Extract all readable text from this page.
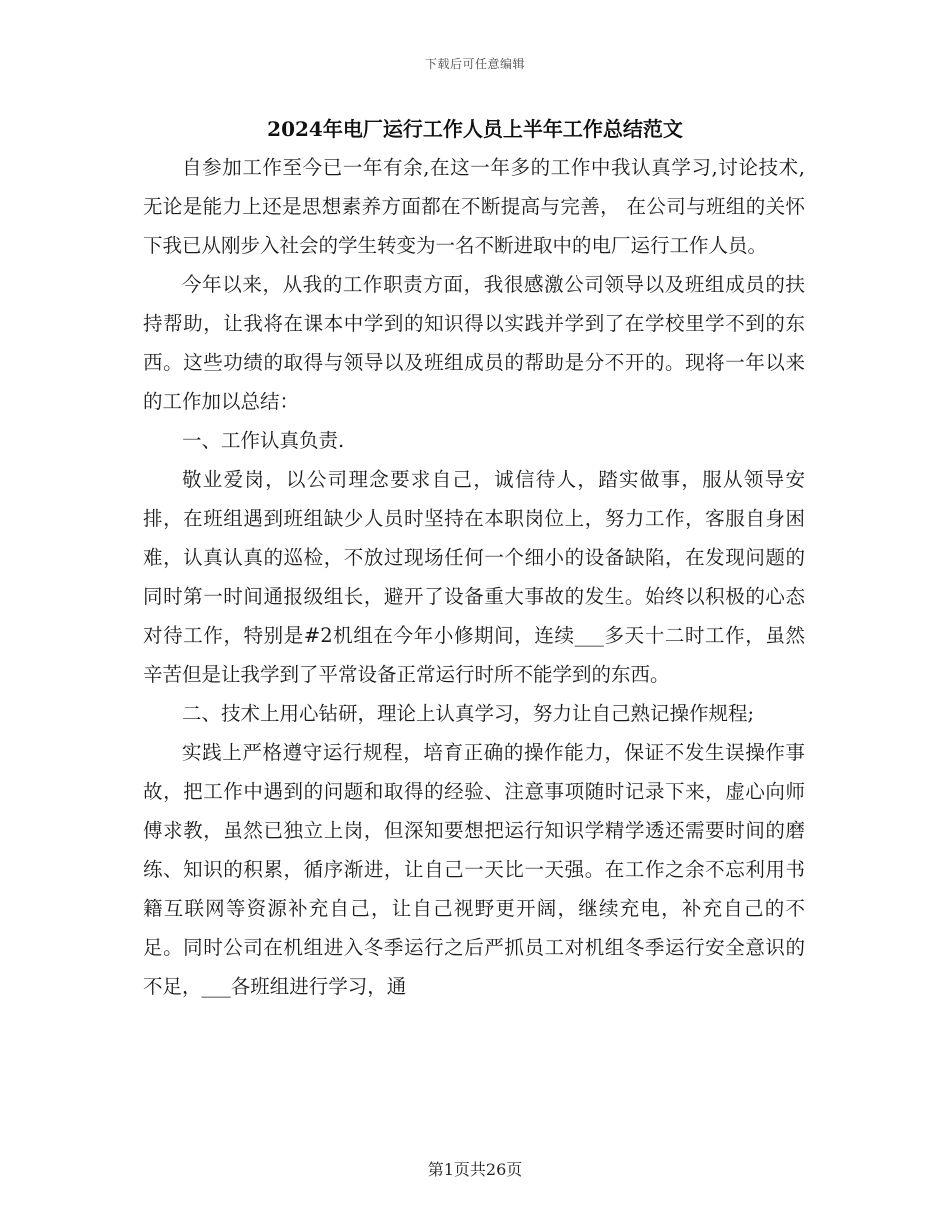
下载后可任意编辑
2024年电厂运行工作人员上半年工作总结范文

自参加工作至今已一年有余,在这一年多的工作中我认真学习,讨论技术,无论是能力上还是思想素养方面都在不断提高与完善， 在公司与班组的关怀下我已从刚步入社会的学生转变为一名不断进取中的电厂运行工作人员。

今年以来，从我的工作职责方面，我很感激公司领导以及班组成员的扶持帮助，让我将在课本中学到的知识得以实践并学到了在学校里学不到的东西。这些功绩的取得与领导以及班组成员的帮助是分不开的。现将一年以来的工作加以总结：

一、工作认真负责.

敬业爱岗，以公司理念要求自己，诚信待人，踏实做事，服从领导安排，在班组遇到班组缺少人员时坚持在本职岗位上，努力工作，客服自身困难，认真认真的巡检，不放过现场任何一个细小的设备缺陷，在发现问题的同时第一时间通报级组长，避开了设备重大事故的发生。始终以积极的心态对待工作，特别是#2机组在今年小修期间，连续___多天十二时工作，虽然辛苦但是让我学到了平常设备正常运行时所不能学到的东西。

二、技术上用心钻研，理论上认真学习，努力让自己熟记操作规程;

实践上严格遵守运行规程，培育正确的操作能力，保证不发生误操作事故，把工作中遇到的问题和取得的经验、注意事项随时记录下来，虚心向师傅求教，虽然已独立上岗，但深知要想把运行知识学精学透还需要时间的磨练、知识的积累，循序渐进，让自己一天比一天强。在工作之余不忘利用书籍互联网等资源补充自己，让自己视野更开阔，继续充电，补充自己的不足。同时公司在机组进入冬季运行之后严抓员工对机组冬季运行安全意识的不足，___各班组进行学习，通

第1页共26页
